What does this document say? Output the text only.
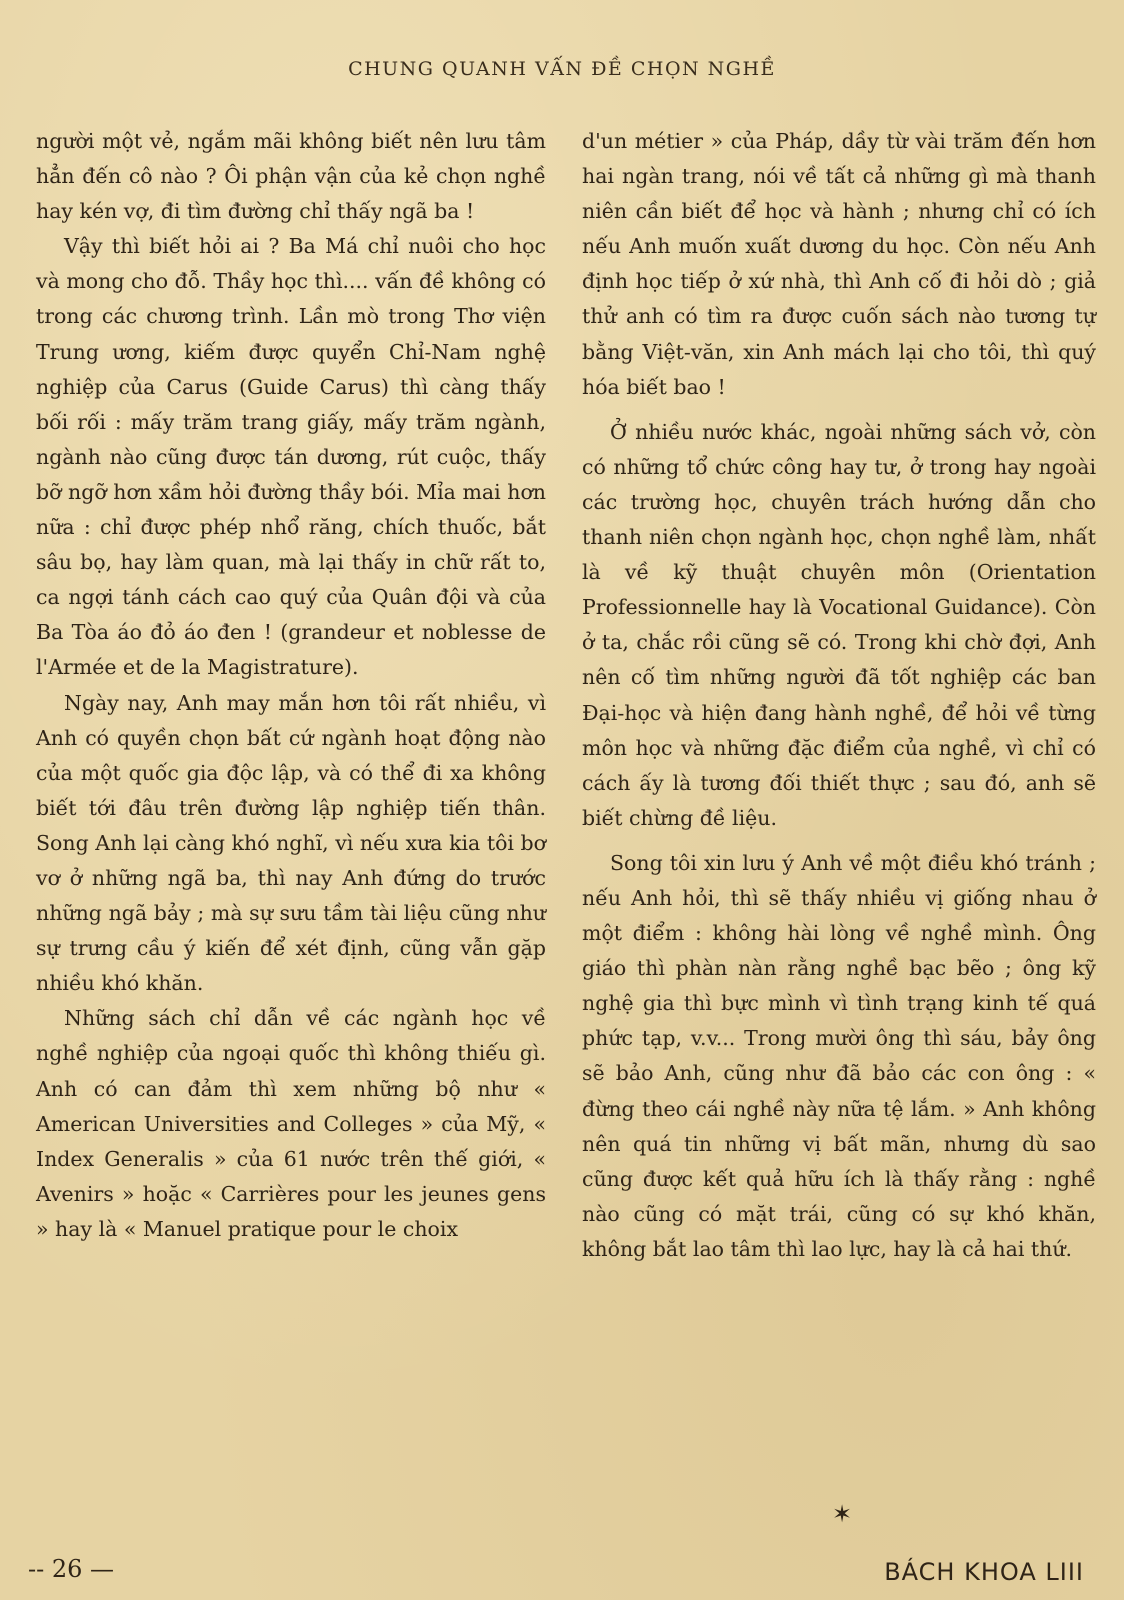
CHUNG QUANH VẤN ĐỀ CHỌN NGHỀ

người một vẻ, ngắm mãi không biết nên lưu tâm hẳn đến cô nào ? Ôi phận vận của kẻ chọn nghề hay kén vợ, đi tìm đường chỉ thấy ngã ba !

Vậy thì biết hỏi ai ? Ba Má chỉ nuôi cho học và mong cho đỗ. Thầy học thì.... vấn đề không có trong các chương trình. Lần mò trong Thơ viện Trung ương, kiếm được quyển Chỉ-Nam nghệ nghiệp của Carus (Guide Carus) thì càng thấy bối rối : mấy trăm trang giấy, mấy trăm ngành, ngành nào cũng được tán dương, rút cuộc, thấy bỡ ngỡ hơn xầm hỏi đường thầy bói. Mỉa mai hơn nữa : chỉ được phép nhổ răng, chích thuốc, bắt sâu bọ, hay làm quan, mà lại thấy in chữ rất to, ca ngợi tánh cách cao quý của Quân đội và của Ba Tòa áo đỏ áo đen ! (grandeur et noblesse de l'Armée et de la Magistrature).

Ngày nay, Anh may mắn hơn tôi rất nhiều, vì Anh có quyền chọn bất cứ ngành hoạt động nào của một quốc gia độc lập, và có thể đi xa không biết tới đâu trên đường lập nghiệp tiến thân. Song Anh lại càng khó nghĩ, vì nếu xưa kia tôi bơ vơ ở những ngã ba, thì nay Anh đứng do trước những ngã bảy ; mà sự sưu tầm tài liệu cũng như sự trưng cầu ý kiến để xét định, cũng vẫn gặp nhiều khó khăn.

Những sách chỉ dẫn về các ngành học về nghề nghiệp của ngoại quốc thì không thiếu gì. Anh có can đảm thì xem những bộ như « American Universities and Colleges » của Mỹ, « Index Generalis » của 61 nước trên thế giới, « Avenirs » hoặc « Carrières pour les jeunes gens » hay là « Manuel pratique pour le choix

d'un métier » của Pháp, dầy từ vài trăm đến hơn hai ngàn trang, nói về tất cả những gì mà thanh niên cần biết để học và hành ; nhưng chỉ có ích nếu Anh muốn xuất dương du học. Còn nếu Anh định học tiếp ở xứ nhà, thì Anh cố đi hỏi dò ; giả thử anh có tìm ra được cuốn sách nào tương tự bằng Việt-văn, xin Anh mách lại cho tôi, thì quý hóa biết bao !

Ở nhiều nước khác, ngoài những sách vở, còn có những tổ chức công hay tư, ở trong hay ngoài các trường học, chuyên trách hướng dẫn cho thanh niên chọn ngành học, chọn nghề làm, nhất là về kỹ thuật chuyên môn (Orientation Professionnelle hay là Vocational Guidance). Còn ở ta, chắc rồi cũng sẽ có. Trong khi chờ đợi, Anh nên cố tìm những người đã tốt nghiệp các ban Đại-học và hiện đang hành nghề, để hỏi về từng môn học và những đặc điểm của nghề, vì chỉ có cách ấy là tương đối thiết thực ; sau đó, anh sẽ biết chừng đề liệu.

Song tôi xin lưu ý Anh về một điều khó tránh ; nếu Anh hỏi, thì sẽ thấy nhiều vị giống nhau ở một điểm : không hài lòng về nghề mình. Ông giáo thì phàn nàn rằng nghề bạc bẽo ; ông kỹ nghệ gia thì bực mình vì tình trạng kinh tế quá phức tạp, v.v... Trong mười ông thì sáu, bảy ông sẽ bảo Anh, cũng như đã bảo các con ông : « đừng theo cái nghề này nữa tệ lắm. » Anh không nên quá tin những vị bất mãn, nhưng dù sao cũng được kết quả hữu ích là thấy rằng : nghề nào cũng có mặt trái, cũng có sự khó khăn, không bắt lao tâm thì lao lực, hay là cả hai thứ.

✶
-- 26 —	BÁCH KHOA LIII
